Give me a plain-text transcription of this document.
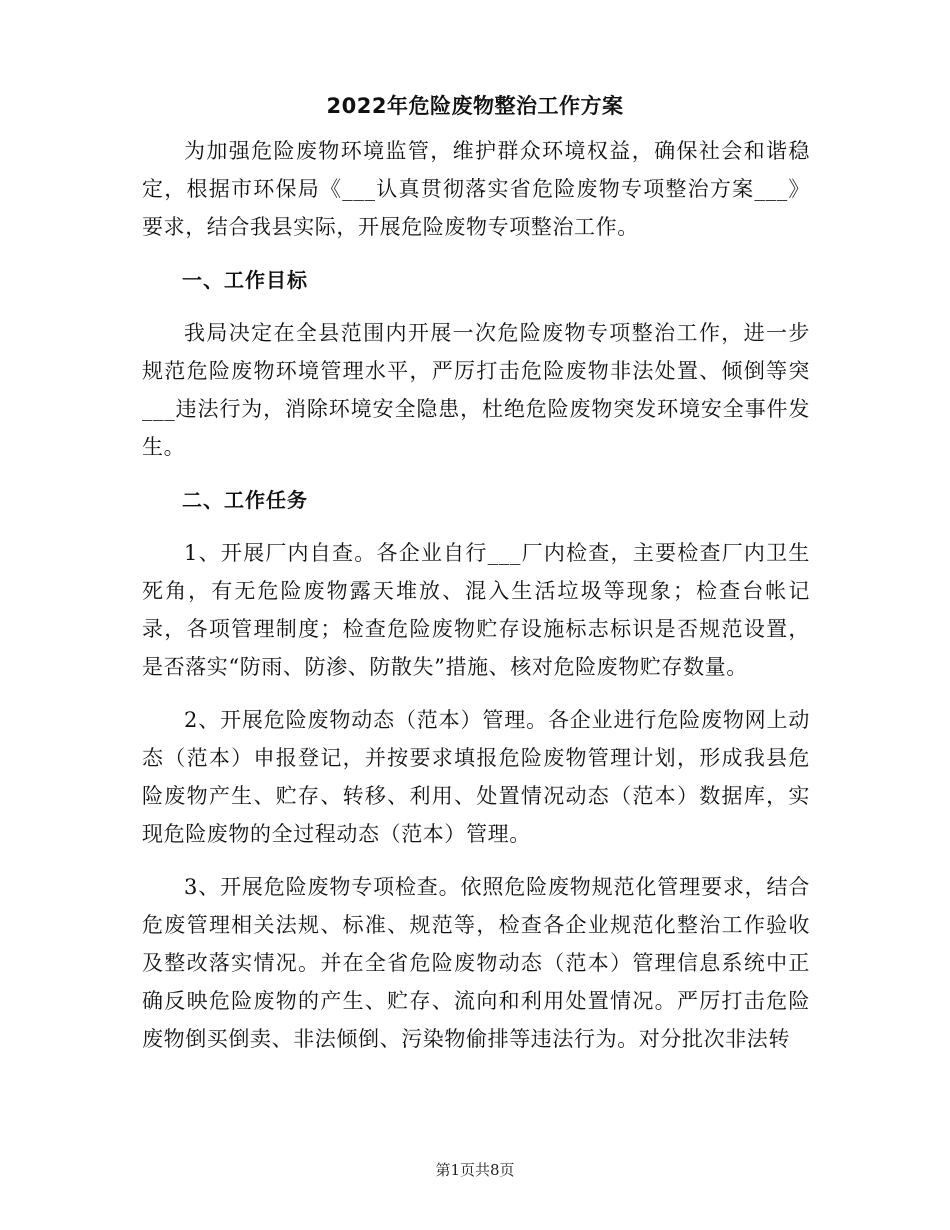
2022年危险废物整治工作方案

为加强危险废物环境监管，维护群众环境权益，确保社会和谐稳定，根据市环保局《___认真贯彻落实省危险废物专项整治方案___》要求，结合我县实际，开展危险废物专项整治工作。

一、工作目标

我局决定在全县范围内开展一次危险废物专项整治工作，进一步规范危险废物环境管理水平，严厉打击危险废物非法处置、倾倒等突___违法行为，消除环境安全隐患，杜绝危险废物突发环境安全事件发生。

二、工作任务

1、开展厂内自查。各企业自行___厂内检查，主要检查厂内卫生死角，有无危险废物露天堆放、混入生活垃圾等现象；检查台帐记录，各项管理制度；检查危险废物贮存设施标志标识是否规范设置，是否落实“防雨、防渗、防散失”措施、核对危险废物贮存数量。

2、开展危险废物动态（范本）管理。各企业进行危险废物网上动态（范本）申报登记，并按要求填报危险废物管理计划，形成我县危险废物产生、贮存、转移、利用、处置情况动态（范本）数据库，实现危险废物的全过程动态（范本）管理。

3、开展危险废物专项检查。依照危险废物规范化管理要求，结合危废管理相关法规、标准、规范等，检查各企业规范化整治工作验收及整改落实情况。并在全省危险废物动态（范本）管理信息系统中正确反映危险废物的产生、贮存、流向和利用处置情况。严厉打击危险废物倒买倒卖、非法倾倒、污染物偷排等违法行为。对分批次非法转

第1页共8页
